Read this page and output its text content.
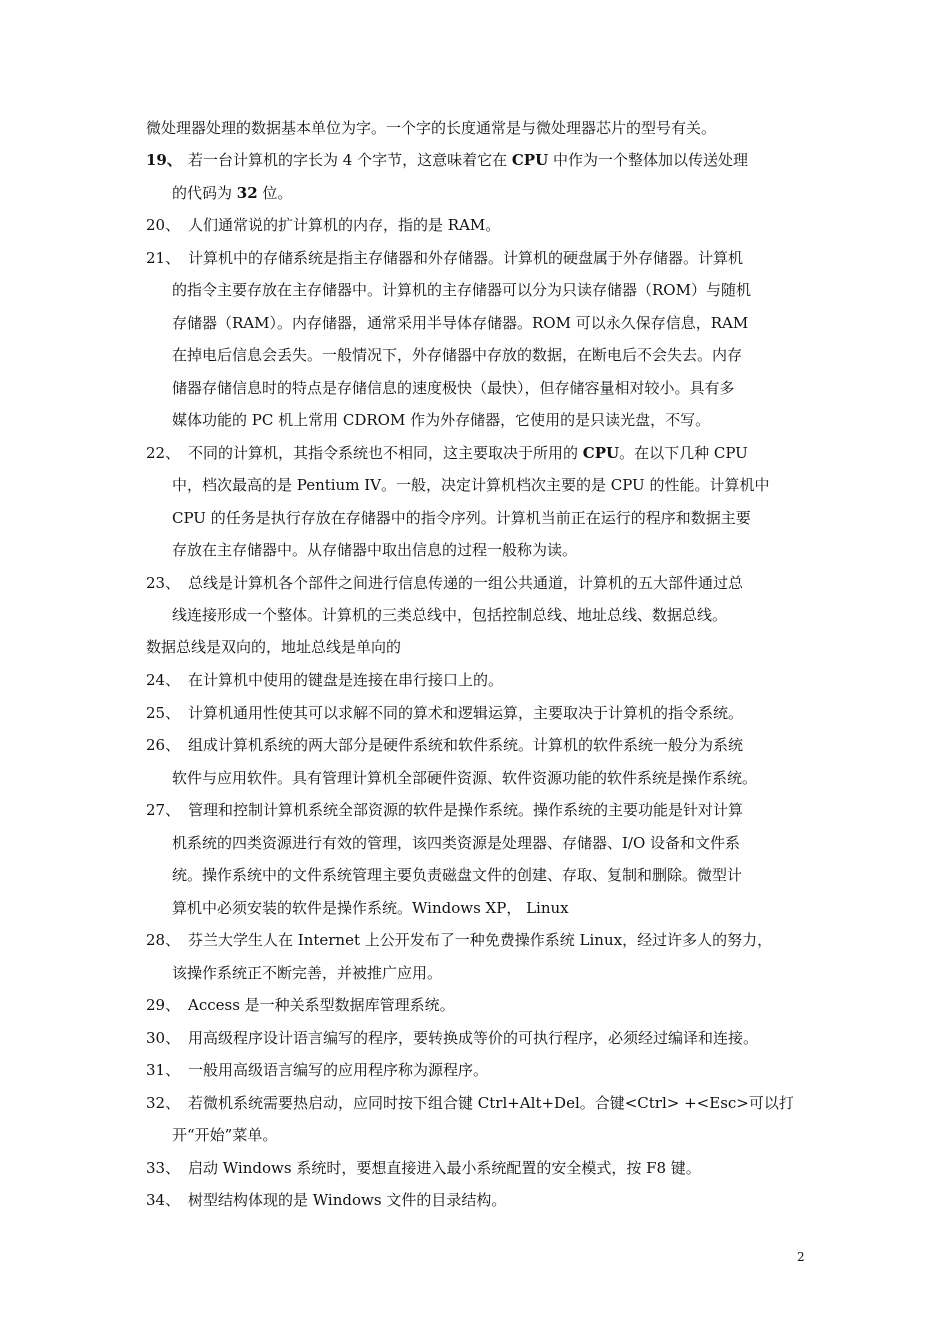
微处理器处理的数据基本单位为字。一个字的长度通常是与微处理器芯片的型号有关。
19、 若一台计算机的字长为 4 个字节，这意味着它在 CPU 中作为一个整体加以传送处理
的代码为 32 位。
20、 人们通常说的扩计算机的内存，指的是 RAM。
21、 计算机中的存储系统是指主存储器和外存储器。计算机的硬盘属于外存储器。计算机
的指令主要存放在主存储器中。计算机的主存储器可以分为只读存储器（ROM）与随机
存储器（RAM）。内存储器，通常采用半导体存储器。ROM 可以永久保存信息，RAM
在掉电后信息会丢失。一般情况下，外存储器中存放的数据，在断电后不会失去。内存
储器存储信息时的特点是存储信息的速度极快（最快），但存储容量相对较小。具有多
媒体功能的 PC 机上常用 CDROM 作为外存储器，它使用的是只读光盘，不写。
22、 不同的计算机，其指令系统也不相同，这主要取决于所用的 CPU。在以下几种 CPU
中，档次最高的是 Pentium IV。一般，决定计算机档次主要的是 CPU 的性能。计算机中
CPU 的任务是执行存放在存储器中的指令序列。计算机当前正在运行的程序和数据主要
存放在主存储器中。从存储器中取出信息的过程一般称为读。
23、 总线是计算机各个部件之间进行信息传递的一组公共通道，计算机的五大部件通过总
线连接形成一个整体。计算机的三类总线中，包括控制总线、地址总线、数据总线。
数据总线是双向的，地址总线是单向的
24、 在计算机中使用的键盘是连接在串行接口上的。
25、 计算机通用性使其可以求解不同的算术和逻辑运算，主要取决于计算机的指令系统。
26、 组成计算机系统的两大部分是硬件系统和软件系统。计算机的软件系统一般分为系统
软件与应用软件。具有管理计算机全部硬件资源、软件资源功能的软件系统是操作系统。
27、 管理和控制计算机系统全部资源的软件是操作系统。操作系统的主要功能是针对计算
机系统的四类资源进行有效的管理，该四类资源是处理器、存储器、I/O 设备和文件系
统。操作系统中的文件系统管理主要负责磁盘文件的创建、存取、复制和删除。微型计
算机中必须安装的软件是操作系统。Windows XP， Linux
28、 芬兰大学生人在 Internet 上公开发布了一种免费操作系统 Linux，经过许多人的努力，
该操作系统正不断完善，并被推广应用。
29、 Access 是一种关系型数据库管理系统。
30、 用高级程序设计语言编写的程序，要转换成等价的可执行程序，必须经过编译和连接。
31、 一般用高级语言编写的应用程序称为源程序。
32、 若微机系统需要热启动，应同时按下组合键 Ctrl+Alt+Del。合键<Ctrl> +<Esc>可以打
开“开始”菜单。
33、 启动 Windows 系统时，要想直接进入最小系统配置的安全模式，按 F8 键。
34、 树型结构体现的是 Windows 文件的目录结构。
2
